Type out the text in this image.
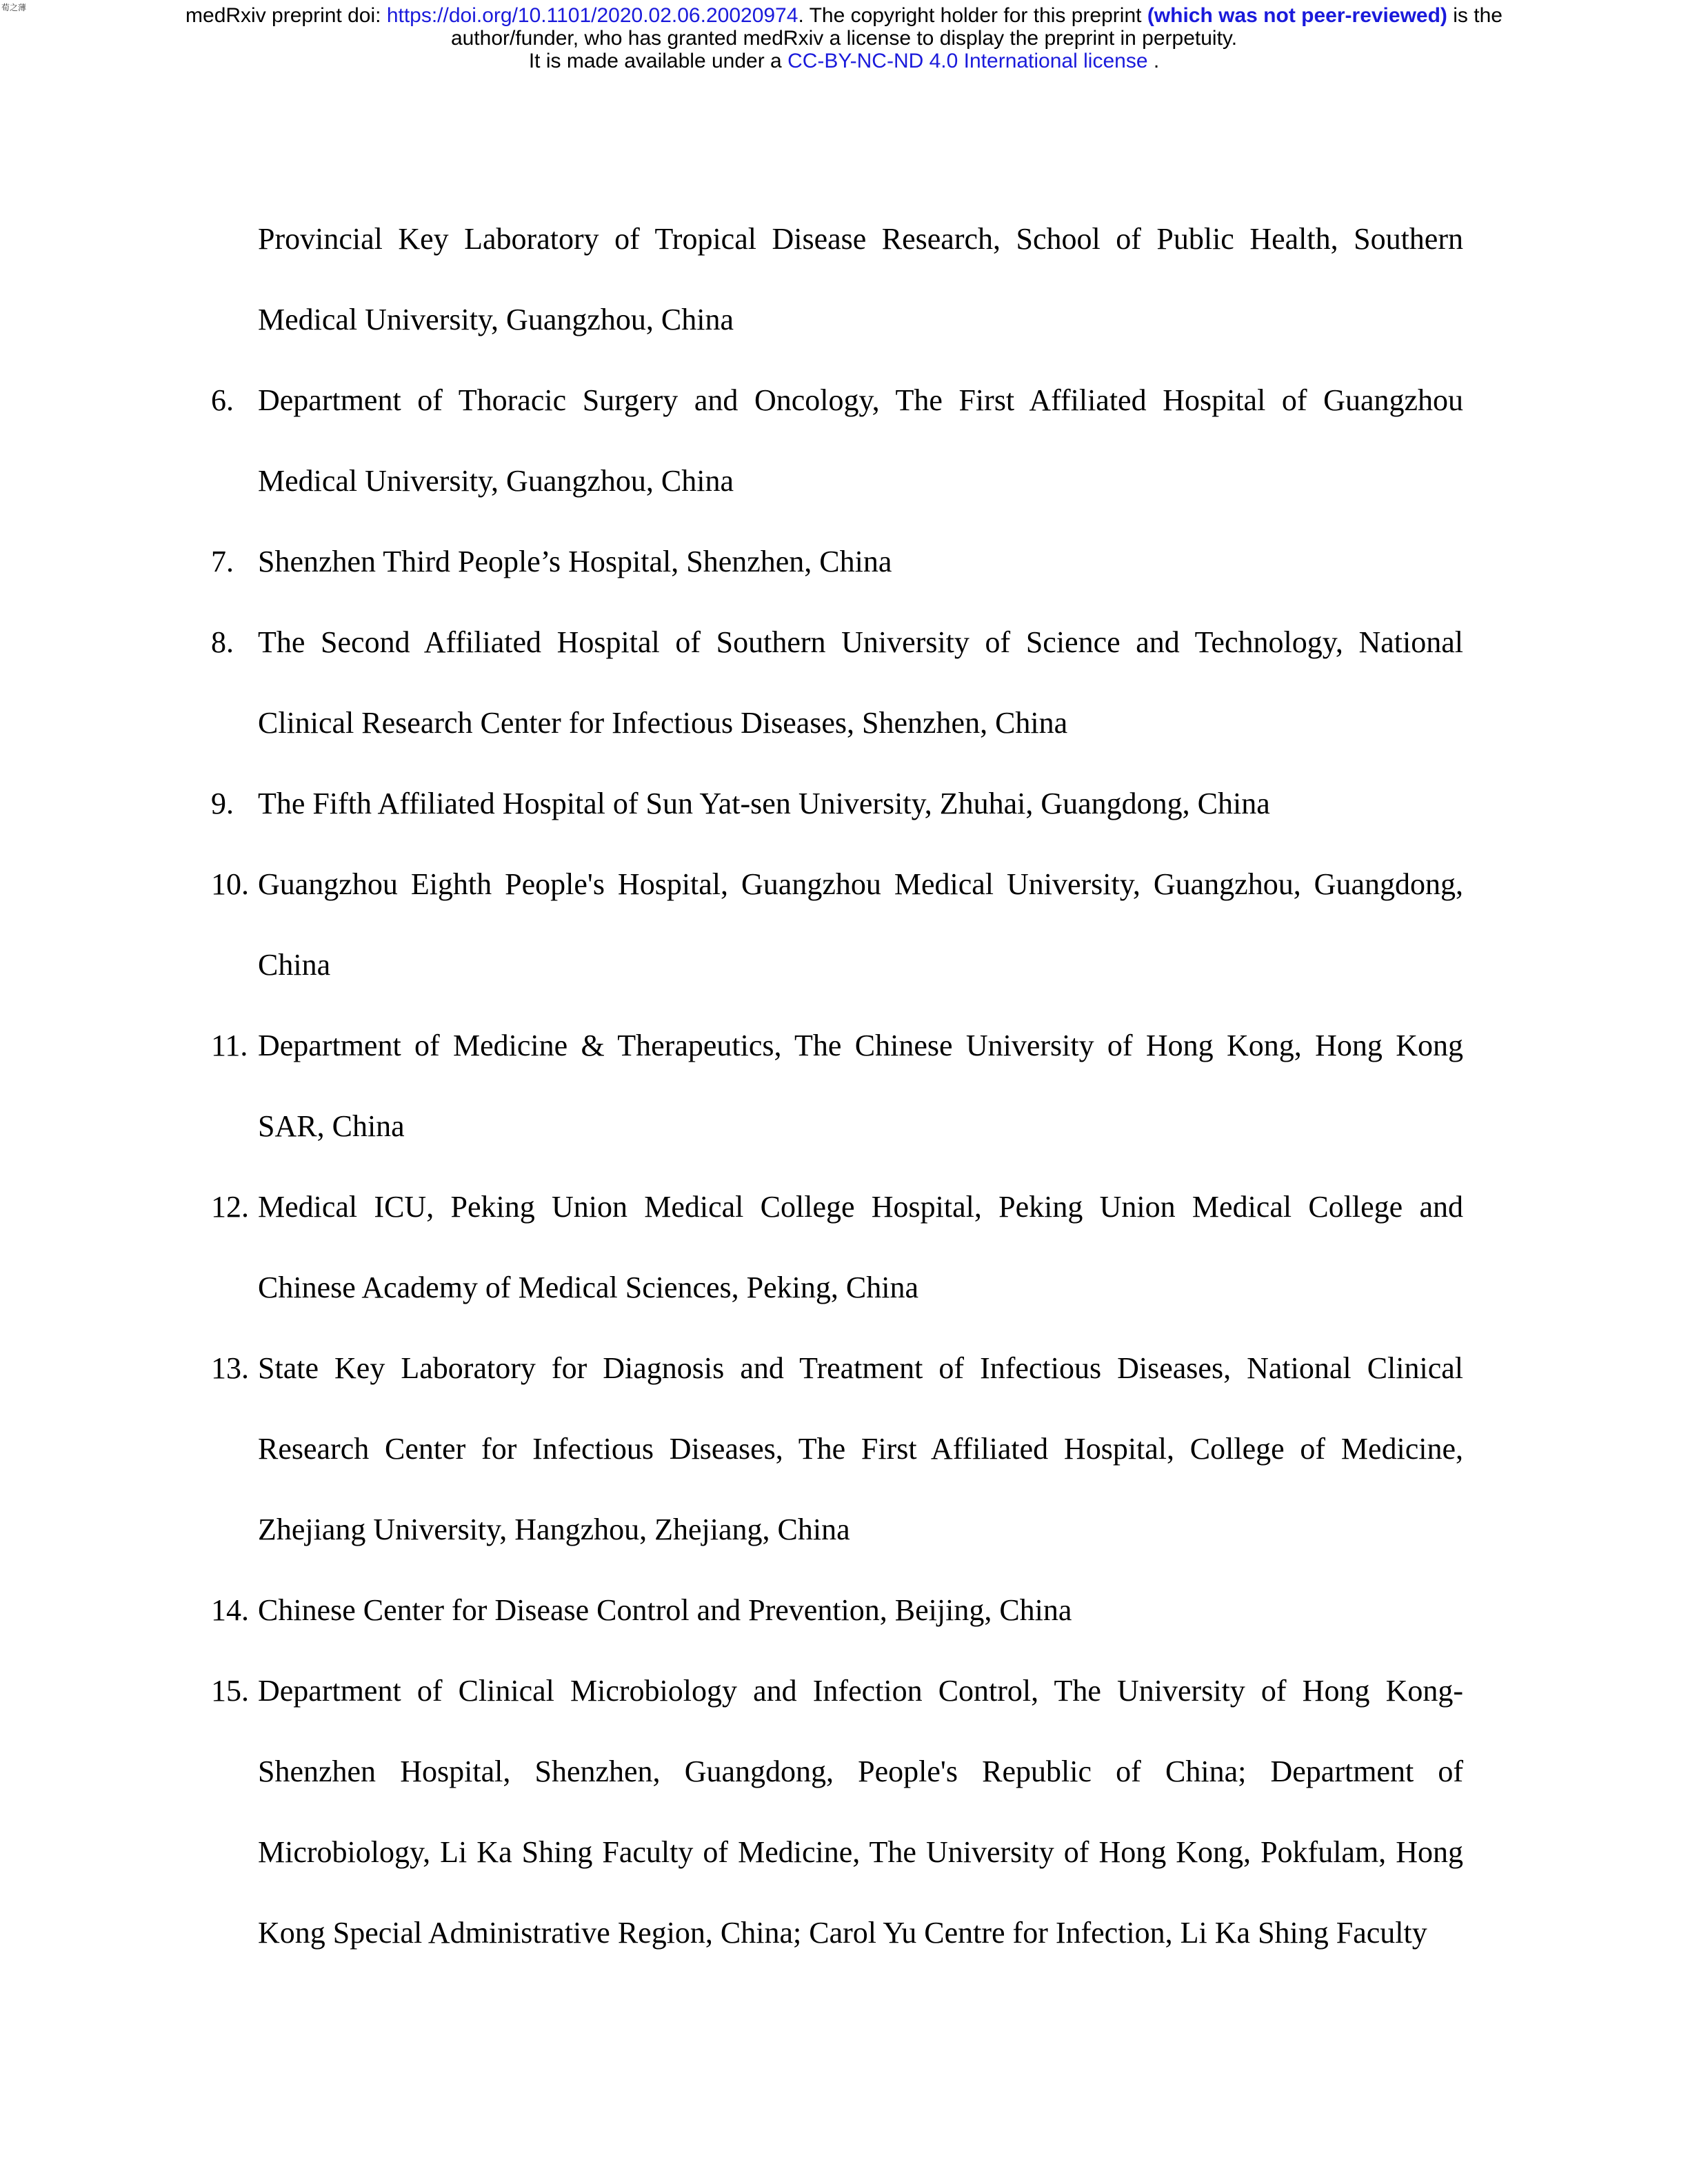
荀之薄	medRxiv preprint doi: https://doi.org/10.1101/2020.02.06.20020974. The copyright holder for this preprint (which was not peer-reviewed) is the
author/funder, who has granted medRxiv a license to display the preprint in perpetuity.
It is made available under a CC-BY-NC-ND 4.0 International license .
Provincial Key Laboratory of Tropical Disease Research, School of Public Health, Southern Medical University, Guangzhou, China
6. Department of Thoracic Surgery and Oncology, The First Affiliated Hospital of Guangzhou Medical University, Guangzhou, China
7. Shenzhen Third People’s Hospital, Shenzhen, China
8. The Second Affiliated Hospital of Southern University of Science and Technology, National Clinical Research Center for Infectious Diseases, Shenzhen, China
9. The Fifth Affiliated Hospital of Sun Yat-sen University, Zhuhai, Guangdong, China
10. Guangzhou Eighth People's Hospital, Guangzhou Medical University, Guangzhou, Guangdong, China
11. Department of Medicine & Therapeutics, The Chinese University of Hong Kong, Hong Kong SAR, China
12. Medical ICU, Peking Union Medical College Hospital, Peking Union Medical College and Chinese Academy of Medical Sciences, Peking, China
13. State Key Laboratory for Diagnosis and Treatment of Infectious Diseases, National Clinical Research Center for Infectious Diseases, The First Affiliated Hospital, College of Medicine, Zhejiang University, Hangzhou, Zhejiang, China
14. Chinese Center for Disease Control and Prevention, Beijing, China
15. Department of Clinical Microbiology and Infection Control, The University of Hong Kong-Shenzhen Hospital, Shenzhen, Guangdong, People's Republic of China; Department of Microbiology, Li Ka Shing Faculty of Medicine, The University of Hong Kong, Pokfulam, Hong Kong Special Administrative Region, China; Carol Yu Centre for Infection, Li Ka Shing Faculty
